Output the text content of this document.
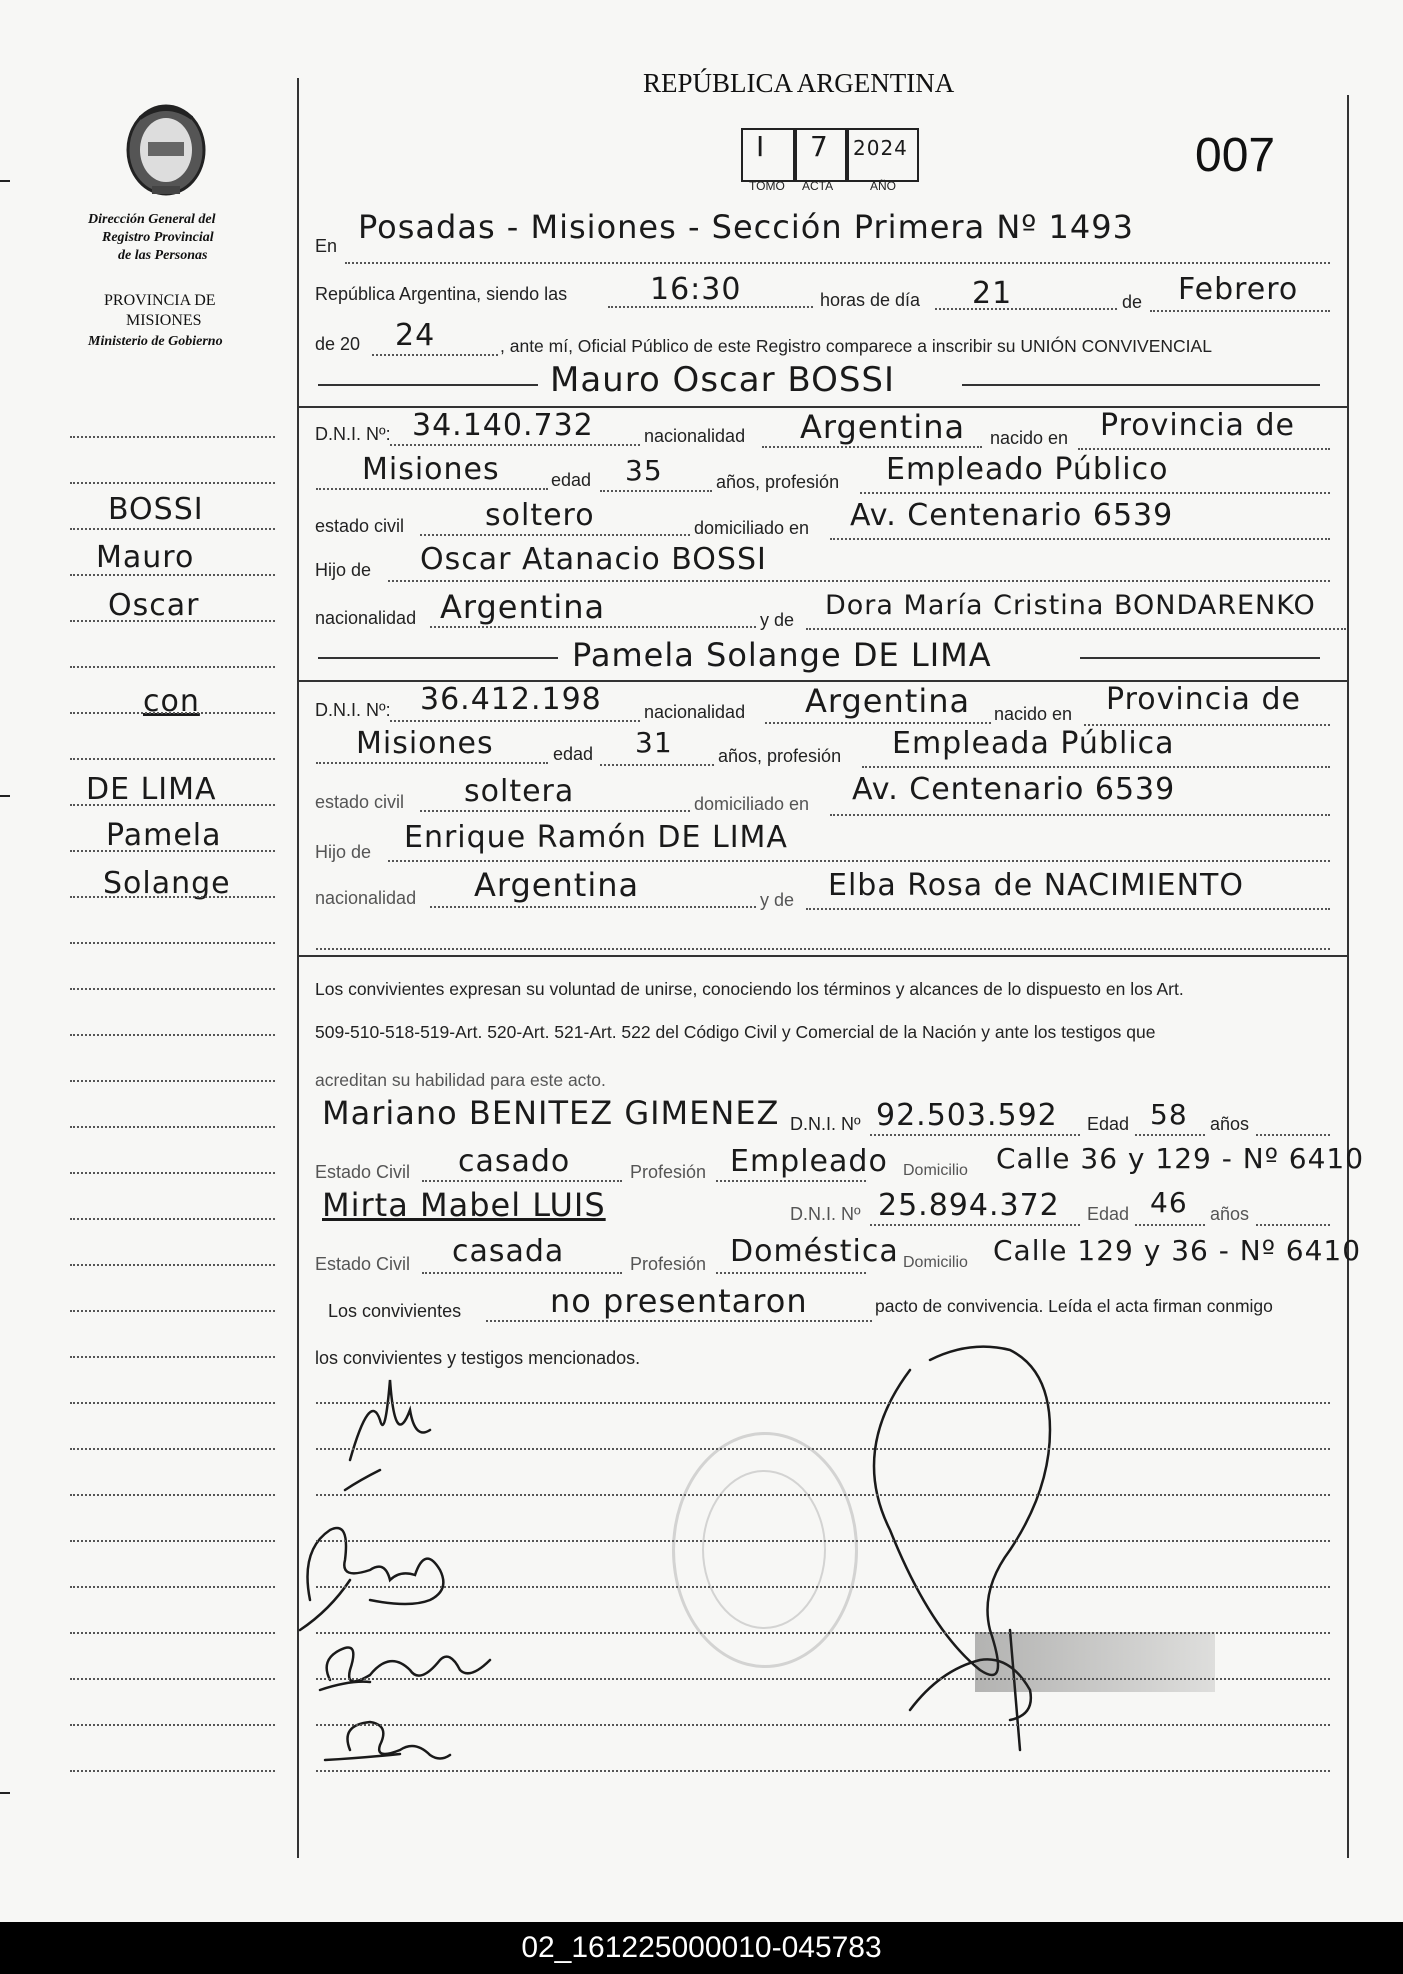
REPÚBLICA ARGENTINA
007
I 7 2024
TOMO ACTA	AÑO
Dirección General del
Registro Provincial
de las Personas
PROVINCIA DE
MISIONES
Ministerio de Gobierno
BOSSI
Mauro
Oscar
con
DE LIMA
Pamela
Solange
En Posadas - Misiones - Sección Primera Nº 1493
República Argentina, siendo las	16:30	horas de día 21	de Febrero
de 20 24	, ante mí, Oficial Público de este Registro comparece a inscribir su UNIÓN CONVIVENCIAL
Mauro Oscar BOSSI
D.N.I. Nº: 34.140.732	nacionalidad Argentina nacido en Provincia de
Misiones	edad 35	años, profesión Empleado Público
estado civil	soltero	domiciliado en Av. Centenario 6539
Hijo de Oscar Atanacio BOSSI
nacionalidad Argentina	y de Dora María Cristina BONDARENKO
Pamela Solange DE LIMA
D.N.I. Nº: 36.412.198 nacionalidad Argentina nacido en Provincia de
Misiones	edad 31	años, profesión Empleada Pública
estado civil soltera	domiciliado en Av. Centenario 6539
Hijo de Enrique Ramón DE LIMA
nacionalidad Argentina	y de Elba Rosa de NACIMIENTO
Los convivientes expresan su voluntad de unirse, conociendo los términos y alcances de lo dispuesto en los Art.
509-510-518-519-Art. 520-Art. 521-Art. 522 del Código Civil y Comercial de la Nación y ante los testigos que
acreditan su habilidad para este acto.
Mariano BENITEZ GIMENEZ D.N.I. Nº 92.503.592 Edad 58 años
Estado Civil casado	Profesión Empleado Domicilio Calle 36 y 129 - Nº 6410
Mirta Mabel LUIS	D.N.I. Nº 25.894.372 Edad 46 años
Estado Civil casada	Profesión Doméstica Domicilio Calle 129 y 36 - Nº 6410
Los convivientes	no presentaron	pacto de convivencia. Leída el acta firman conmigo
los convivientes y testigos mencionados.
02_161225000010-045783
